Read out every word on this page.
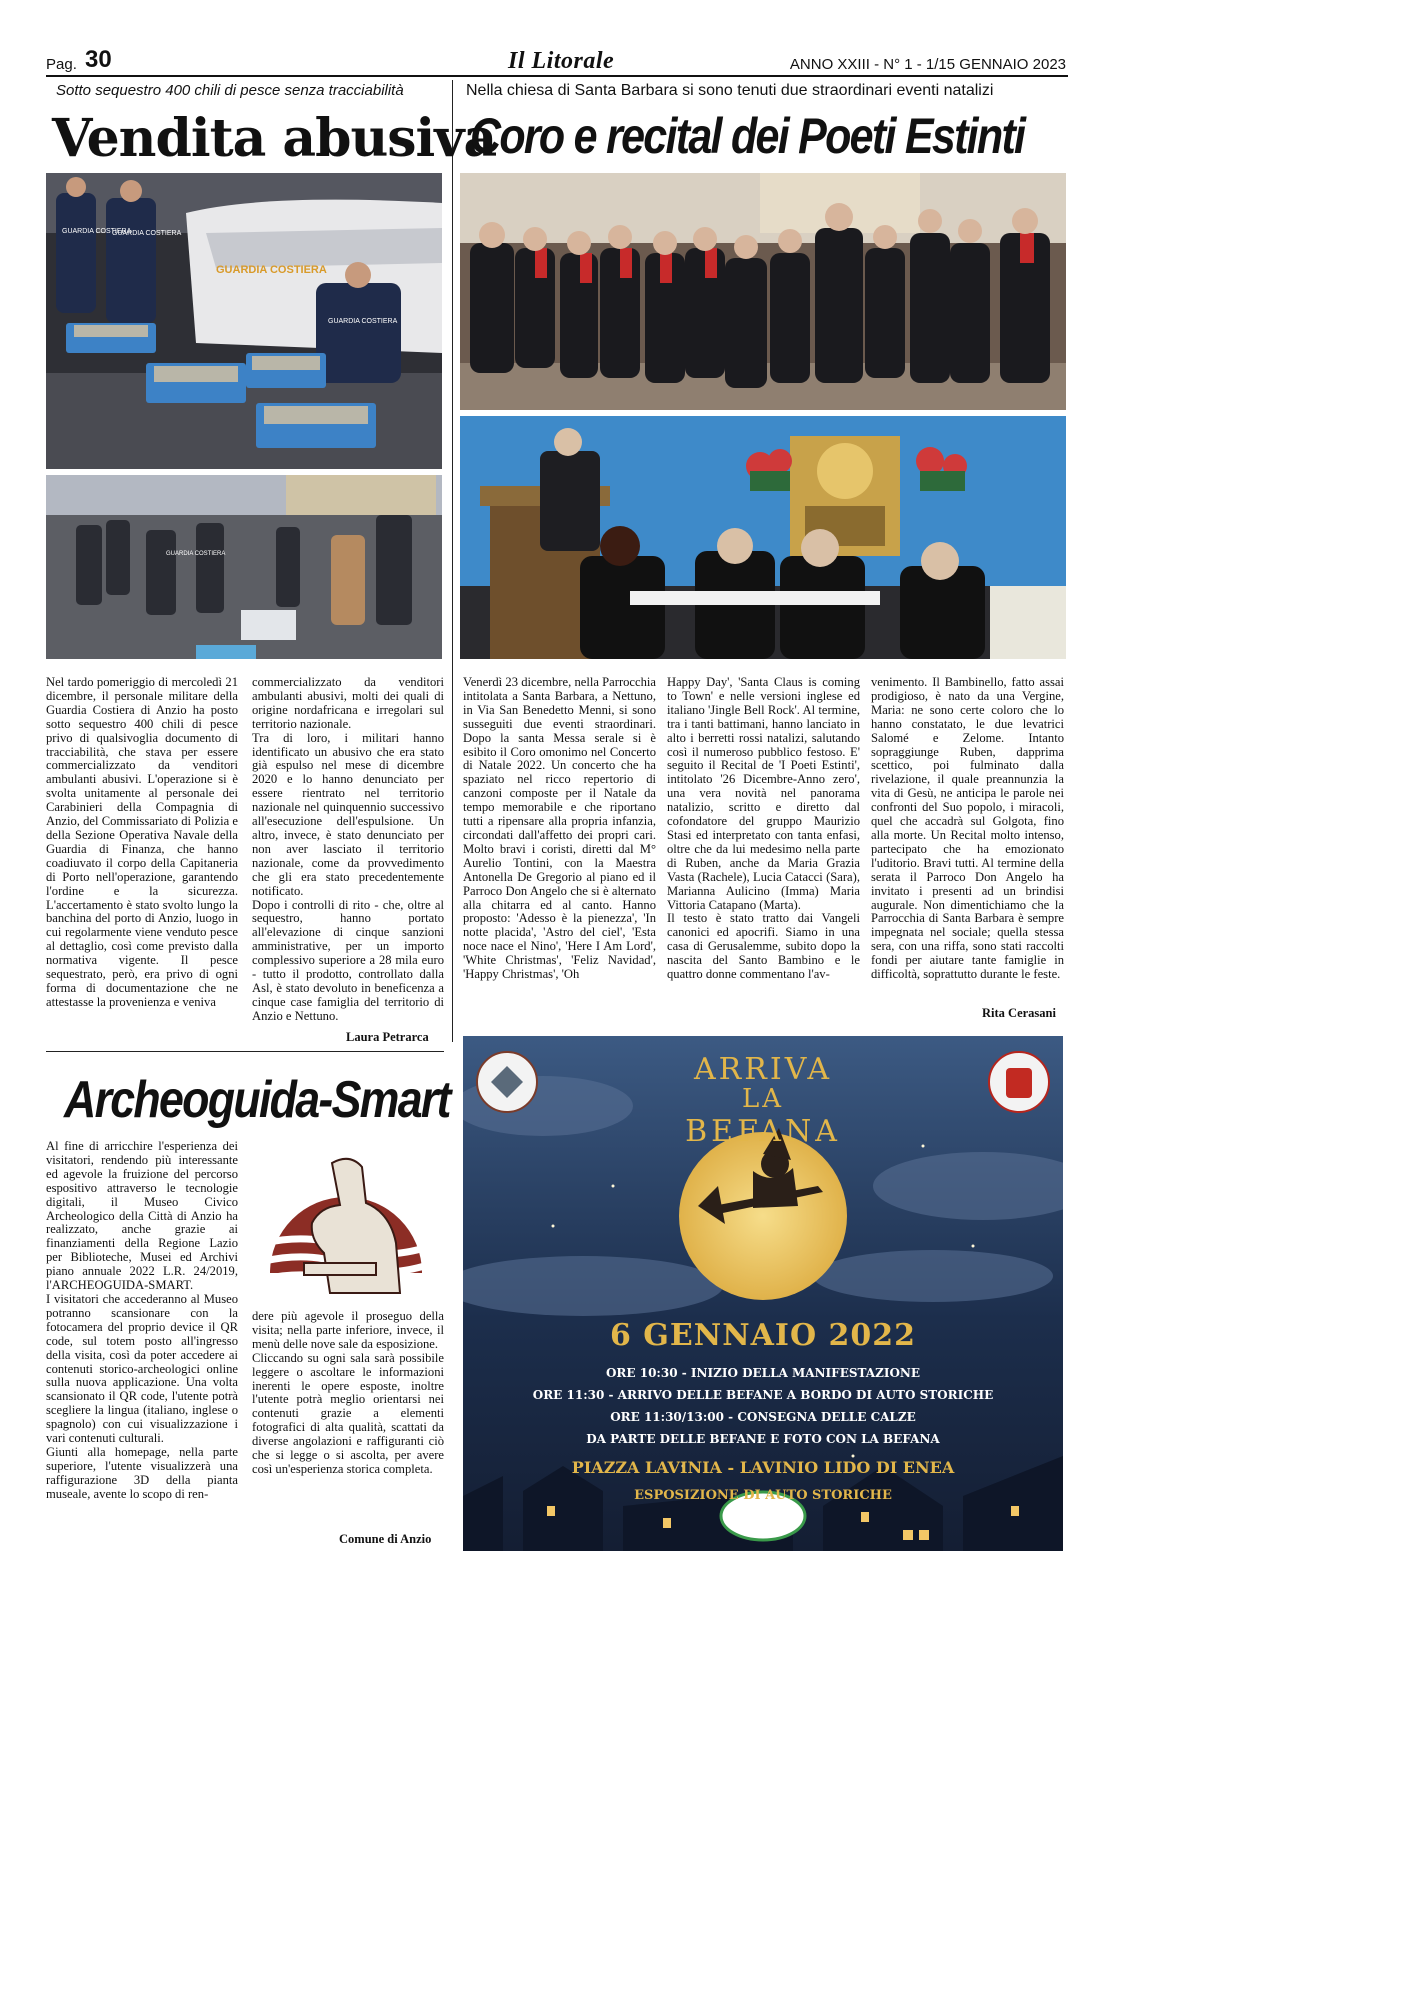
Pag. 30	Il Litorale	ANNO XXIII - N° 1 - 1/15 GENNAIO 2023
Sotto sequestro 400 chili di pesce senza tracciabilità
Vendita abusiva
GUARDIA COSTIERA
GUARDIA COSTIERA
GUARDIA COSTIERA
GUARDIA COSTIERA
GUARDIA COSTIERA

Nel tardo pomeriggio di mercoledì 21 dicembre, il personale militare della Guardia Costiera di Anzio ha posto sotto sequestro 400 chili di pesce privo di qualsivoglia documento di tracciabilità, che stava per essere commercializzato da venditori ambulanti abusivi. L'operazione si è svolta unitamente al personale dei Carabinieri della Compagnia di Anzio, del Commissariato di Polizia e della Sezione Operativa Navale della Guardia di Finanza, che hanno coadiuvato il corpo della Capitaneria di Porto nell'operazione, garantendo l'ordine e la sicurezza. L'accertamento è stato svolto lungo la banchina del porto di Anzio, luogo in cui regolarmente viene venduto pesce al dettaglio, così come previsto dalla normativa vigente. Il pesce sequestrato, però, era privo di ogni forma di documentazione che ne attestasse la provenienza e veniva

commercializzato da venditori ambulanti abusivi, molti dei quali di origine nordafricana e irregolari sul territorio nazionale.

Tra di loro, i militari hanno identificato un abusivo che era stato già espulso nel mese di dicembre 2020 e lo hanno denunciato per essere rientrato nel territorio nazionale nel quinquennio successivo all'esecuzione dell'espulsione. Un altro, invece, è stato denunciato per non aver lasciato il territorio nazionale, come da provvedimento che gli era stato precedentemente notificato.

Dopo i controlli di rito - che, oltre al sequestro, hanno portato all'elevazione di cinque sanzioni amministrative, per un importo complessivo superiore a 28 mila euro - tutto il prodotto, controllato dalla Asl, è stato devoluto in beneficenza a cinque case famiglia del territorio di Anzio e Nettuno.

Laura Petrarca
Nella chiesa di Santa Barbara si sono tenuti due straordinari eventi natalizi
Coro e recital dei Poeti Estinti

Venerdì 23 dicembre, nella Parrocchia intitolata a Santa Barbara, a Nettuno, in Via San Benedetto Menni, si sono susseguiti due eventi straordinari. Dopo la santa Messa serale si è esibito il Coro omonimo nel Concerto di Natale 2022. Un concerto che ha spaziato nel ricco repertorio di canzoni composte per il Natale da tempo memorabile e che riportano tutti a ripensare alla propria infanzia, circondati dall'affetto dei propri cari. Molto bravi i coristi, diretti dal M° Aurelio Tontini, con la Maestra Antonella De Gregorio al piano ed il Parroco Don Angelo che si è alternato alla chitarra ed al canto. Hanno proposto: 'Adesso è la pienezza', 'In notte placida', 'Astro del ciel', 'Esta noce nace el Nino', 'Here I Am Lord', 'White Christmas', 'Feliz Navidad', 'Happy Christmas', 'Oh

Happy Day', 'Santa Claus is coming to Town' e nelle versioni inglese ed italiano 'Jingle Bell Rock'. Al termine, tra i tanti battimani, hanno lanciato in alto i berretti rossi natalizi, salutando così il numeroso pubblico festoso. E' seguito il Recital de 'I Poeti Estinti', intitolato '26 Dicembre-Anno zero', una vera novità nel panorama natalizio, scritto e diretto dal cofondatore del gruppo Maurizio Stasi ed interpretato con tanta enfasi, oltre che da lui medesimo nella parte di Ruben, anche da Maria Grazia Vasta (Rachele), Lucia Catacci (Sara), Marianna Aulicino (Imma) Maria Vittoria Catapano (Marta).

Il testo è stato tratto dai Vangeli canonici ed apocrifi. Siamo in una casa di Gerusalemme, subito dopo la nascita del Santo Bambino e le quattro donne commentano l'av-

venimento. Il Bambinello, fatto assai prodigioso, è nato da una Vergine, Maria: ne sono certe coloro che lo hanno constatato, le due levatrici Salomé e Zelome. Intanto sopraggiunge Ruben, dapprima scettico, poi fulminato dalla rivelazione, il quale preannunzia la vita di Gesù, ne anticipa le parole nei confronti del Suo popolo, i miracoli, quel che accadrà sul Golgota, fino alla morte. Un Recital molto intenso, partecipato che ha emozionato l'uditorio. Bravi tutti. Al termine della serata il Parroco Don Angelo ha invitato i presenti ad un brindisi augurale. Non dimentichiamo che la Parrocchia di Santa Barbara è sempre impegnata nel sociale; quella stessa sera, con una riffa, sono stati raccolti fondi per aiutare tante famiglie in difficoltà, soprattutto durante le feste.

Rita Cerasani
Archeoguida-Smart

Al fine di arricchire l'esperienza dei visitatori, rendendo più interessante ed agevole la fruizione del percorso espositivo attraverso le tecnologie digitali, il Museo Civico Archeologico della Città di Anzio ha realizzato, anche grazie ai finanziamenti della Regione Lazio per Biblioteche, Musei ed Archivi piano annuale 2022 L.R. 24/2019, l'ARCHEOGUIDA-SMART.

I visitatori che accederanno al Museo potranno scansionare con la fotocamera del proprio device il QR code, sul totem posto all'ingresso della visita, così da poter accedere ai contenuti storico-archeologici online sulla nuova applicazione. Una volta scansionato il QR code, l'utente potrà scegliere la lingua (italiano, inglese o spagnolo) con cui visualizzazione i vari contenuti culturali.

Giunti alla homepage, nella parte superiore, l'utente visualizzerà una raffigurazione 3D della pianta museale, avente lo scopo di ren-

dere più agevole il proseguo della visita; nella parte inferiore, invece, il menù delle nove sale da esposizione.

Cliccando su ogni sala sarà possibile leggere o ascoltare le informazioni inerenti le opere esposte, inoltre l'utente potrà meglio orientarsi nei contenuti grazie a elementi fotografici di alta qualità, scattati da diverse angolazioni e raffiguranti ciò che si legge o si ascolta, per avere così un'esperienza storica completa.

Comune di Anzio
ARRIVA
LA
BEFANA
6 GENNAIO 2022
ORE 10:30 - INIZIO DELLA MANIFESTAZIONE
ORE 11:30 - ARRIVO DELLE BEFANE A BORDO DI AUTO STORICHE
ORE 11:30/13:00 - CONSEGNA DELLE CALZE
DA PARTE DELLE BEFANE E FOTO CON LA BEFANA
PIAZZA LAVINIA - LAVINIO LIDO DI ENEA
ESPOSIZIONE DI AUTO STORICHE
